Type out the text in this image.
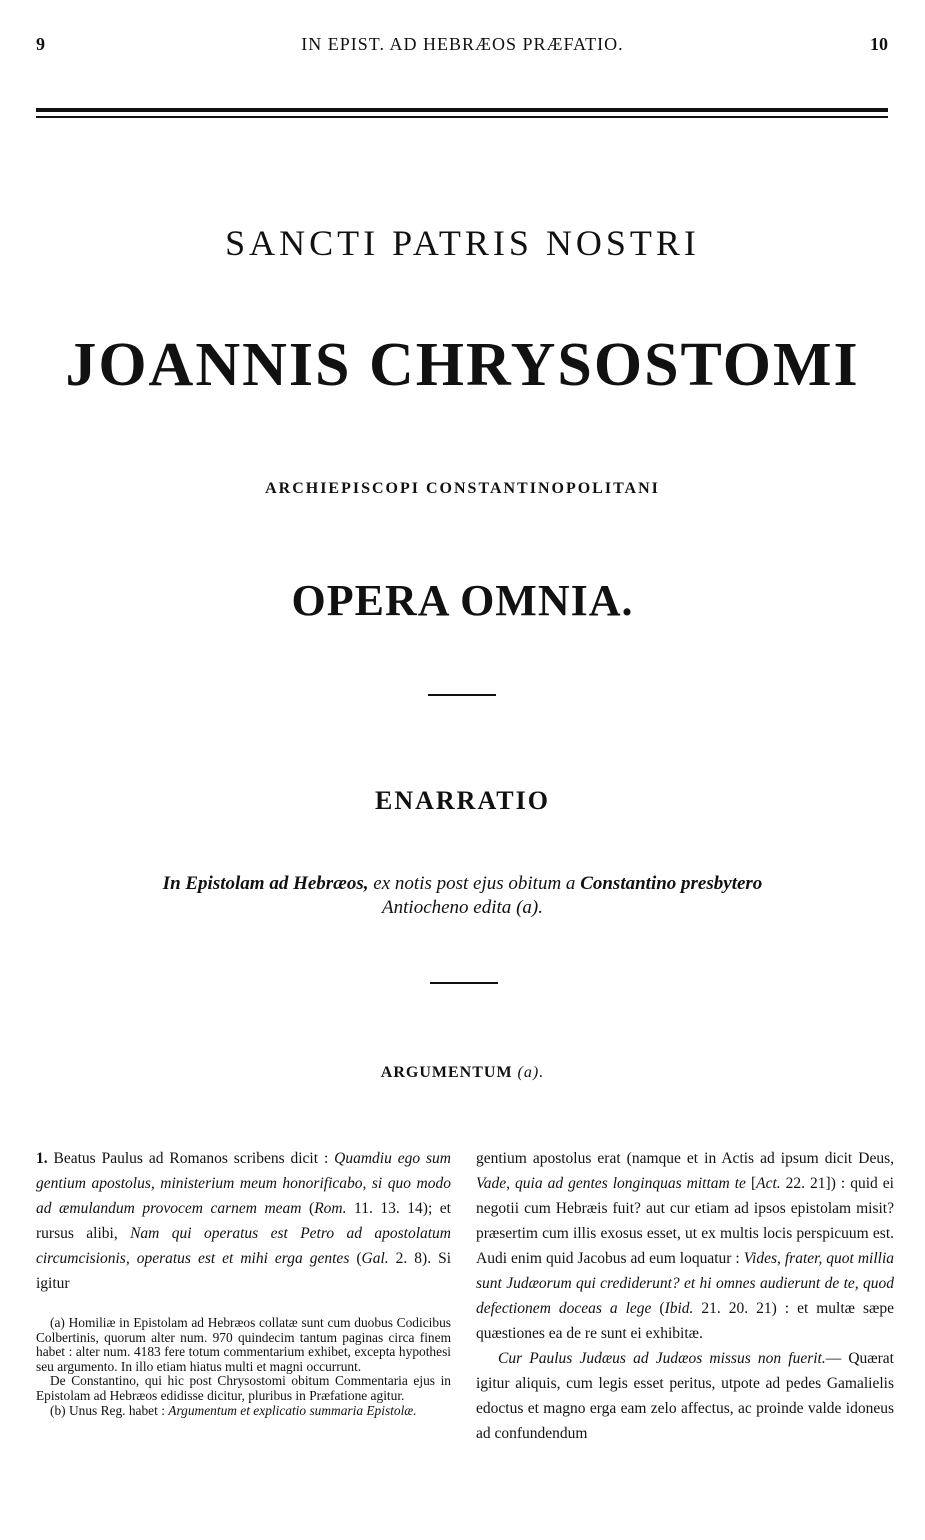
9	IN EPIST. AD HEBRÆOS PRÆFATIO.	10
SANCTI PATRIS NOSTRI
JOANNIS CHRYSOSTOMI
ARCHIEPISCOPI CONSTANTINOPOLITANI
OPERA OMNIA.
ENARRATIO
In Epistolam ad Hebræos, ex notis post ejus obitum a Constantino presbytero
Antiocheno edita (a).
ARGUMENTUM (a).

1. Beatus Paulus ad Romanos scribens dicit : Quamdiu ego sum gentium apostolus, ministerium meum honorificabo, si quo modo ad æmulandum provocem carnem meam (Rom. 11. 13. 14); et rursus alibi, Nam qui operatus est Petro ad apostolatum circumcisionis, operatus est et mihi erga gentes (Gal. 2. 8). Si igitur

(a) Homiliæ in Epistolam ad Hebræos collatæ sunt cum duobus Codicibus Colbertinis, quorum alter num. 970 quindecim tantum paginas circa finem habet : alter num. 4183 fere totum commentarium exhibet, excepta hypothesi seu argumento. In illo etiam hiatus multi et magni occurrunt.

De Constantino, qui hic post Chrysostomi obitum Commentaria ejus in Epistolam ad Hebræos edidisse dicitur, pluribus in Præfatione agitur.

(b) Unus Reg. habet : Argumentum et explicatio summaria Epistolæ.

gentium apostolus erat (namque et in Actis ad ipsum dicit Deus, Vade, quia ad gentes longinquas mittam te [Act. 22. 21]) : quid ei negotii cum Hebræis fuit? aut cur etiam ad ipsos epistolam misit? præsertim cum illis exosus esset, ut ex multis locis perspicuum est. Audi enim quid Jacobus ad eum loquatur : Vides, frater, quot millia sunt Judæorum qui crediderunt? et hi omnes audierunt de te, quod defectionem doceas a lege (Ibid. 21. 20. 21) : et multæ sæpe quæstiones ea de re sunt ei exhibitæ.

Cur Paulus Judæus ad Judæos missus non fuerit.— Quærat igitur aliquis, cum legis esset peritus, utpote ad pedes Gamalielis edoctus et magno erga eam zelo affectus, ac proinde valde idoneus ad confundendum
